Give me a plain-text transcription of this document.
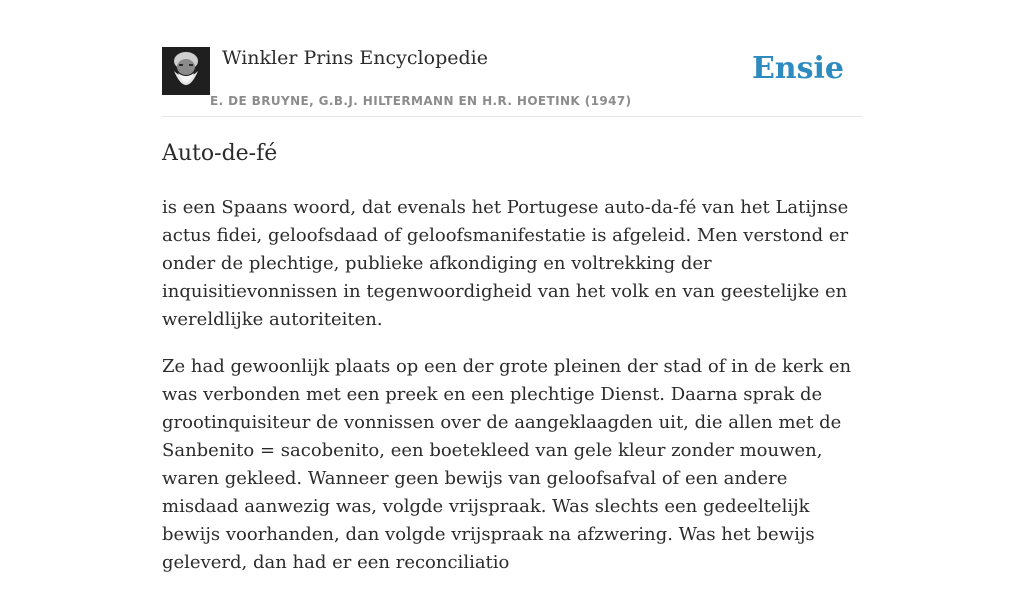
Winkler Prins Encyclopedie
E. DE BRUYNE, G.B.J. HILTERMANN EN H.R. HOETINK (1947)
Ensie
Auto-de-fé

is een Spaans woord, dat evenals het Portugese auto-da-fé van het Latijnse actus fidei, geloofsdaad of geloofsmanifestatie is afgeleid. Men verstond er onder de plechtige, publieke afkondiging en voltrekking der inquisitievonnissen in tegenwoordigheid van het volk en van geestelijke en wereldlijke autoriteiten.

Ze had gewoonlijk plaats op een der grote pleinen der stad of in de kerk en was verbonden met een preek en een plechtige Dienst. Daarna sprak de grootinquisiteur de vonnissen over de aangeklaagden uit, die allen met de Sanbenito = sacobenito, een boetekleed van gele kleur zonder mouwen, waren gekleed. Wanneer geen bewijs van geloofsafval of een andere misdaad aanwezig was, volgde vrijspraak. Was slechts een gedeeltelijk bewijs voorhanden, dan volgde vrijspraak na afzwering. Was het bewijs geleverd, dan had er een reconciliatio
